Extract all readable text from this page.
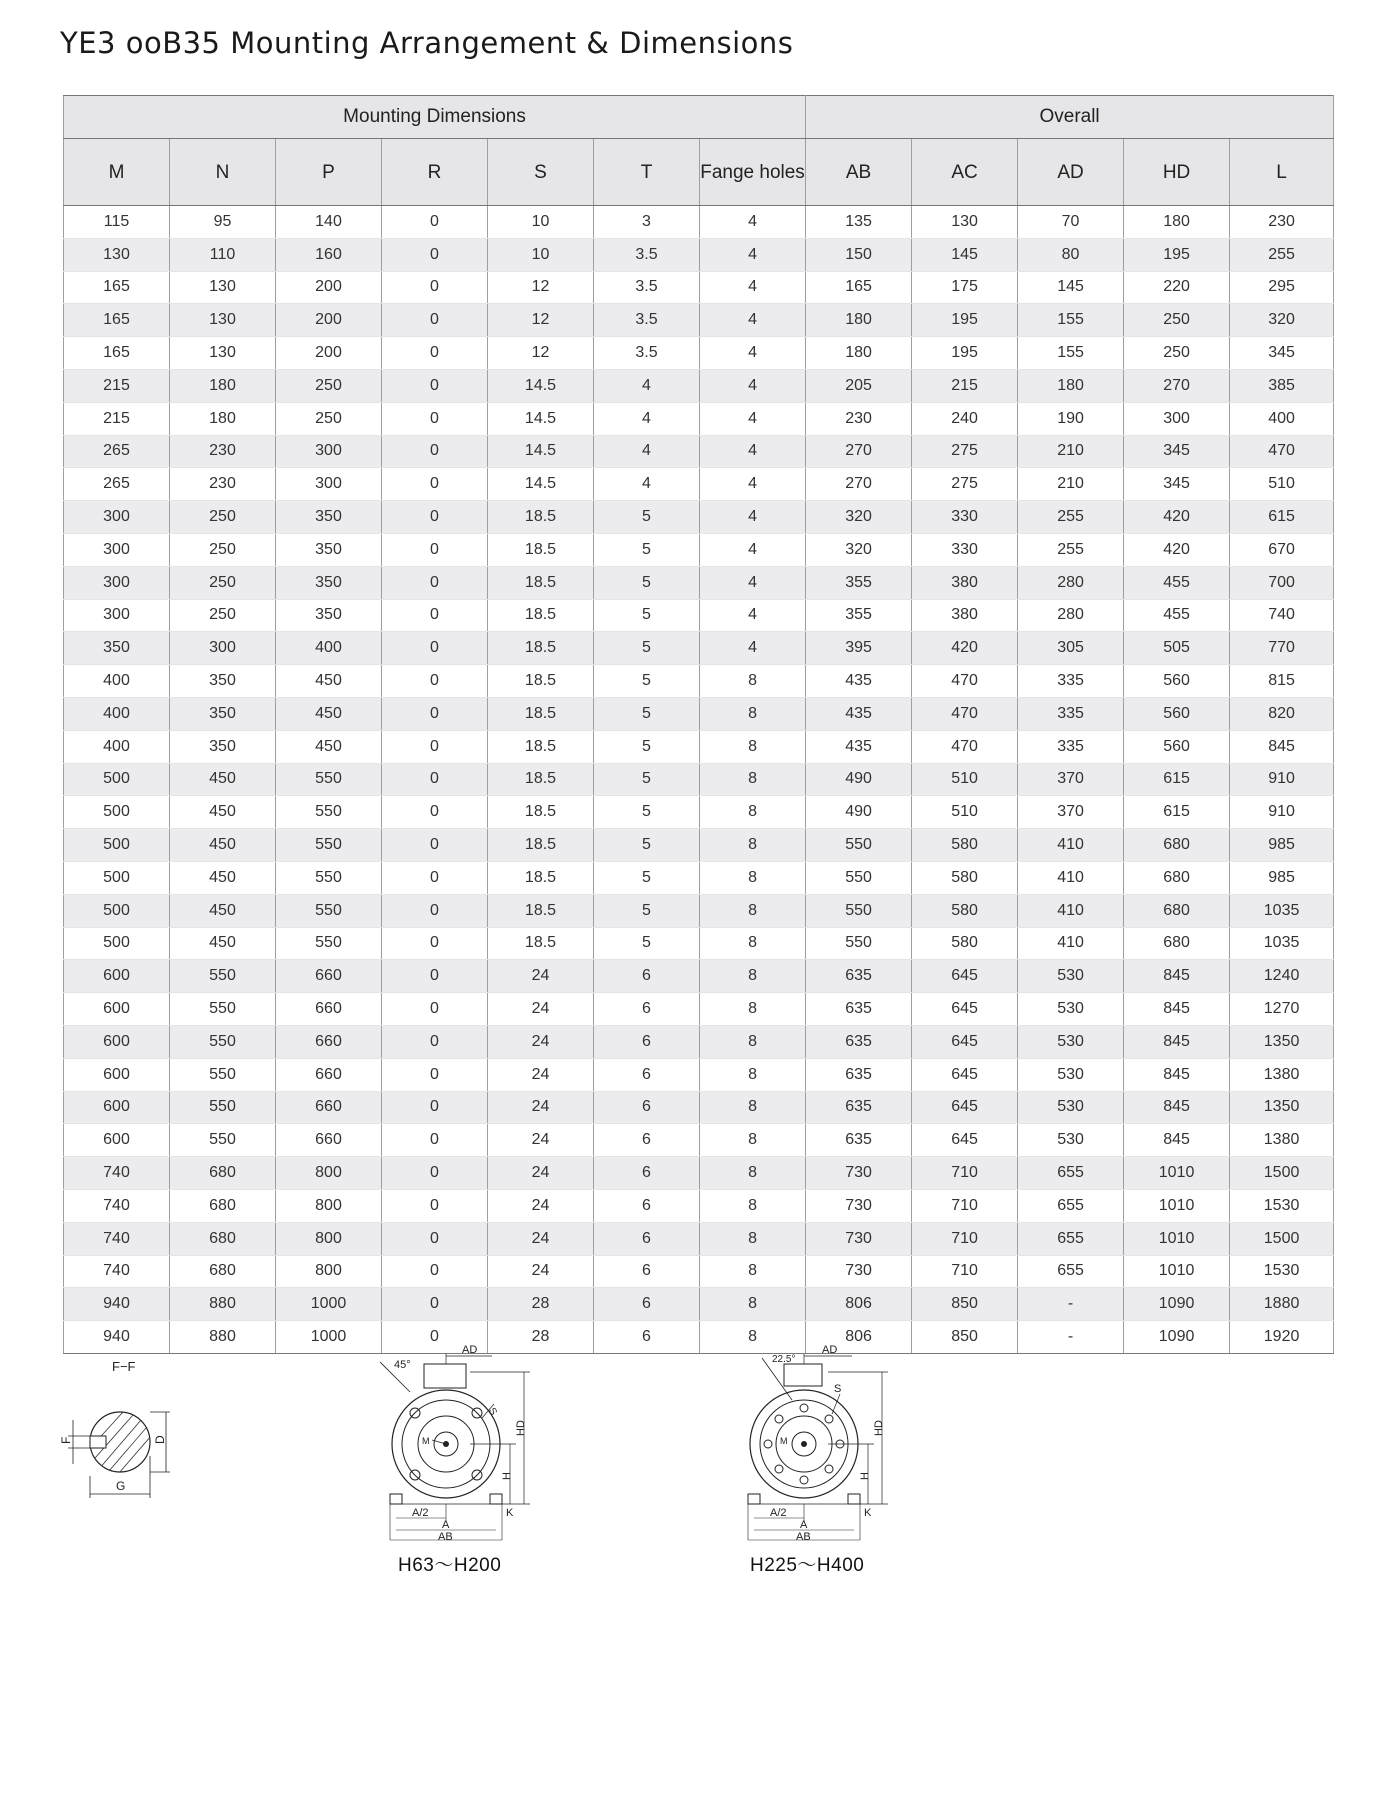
YE3 ooB35 Mounting Arrangement & Dimensions
Mounting Dimensions							Overall				
M	N	P	R	S	T	Fange holes	AB	AC	AD	HD	L
115	95	140	0	10	3	4	135	130	70	180	230
130	110	160	0	10	3.5	4	150	145	80	195	255
165	130	200	0	12	3.5	4	165	175	145	220	295
165	130	200	0	12	3.5	4	180	195	155	250	320
165	130	200	0	12	3.5	4	180	195	155	250	345
215	180	250	0	14.5	4	4	205	215	180	270	385
215	180	250	0	14.5	4	4	230	240	190	300	400
265	230	300	0	14.5	4	4	270	275	210	345	470
265	230	300	0	14.5	4	4	270	275	210	345	510
300	250	350	0	18.5	5	4	320	330	255	420	615
300	250	350	0	18.5	5	4	320	330	255	420	670
300	250	350	0	18.5	5	4	355	380	280	455	700
300	250	350	0	18.5	5	4	355	380	280	455	740
350	300	400	0	18.5	5	4	395	420	305	505	770
400	350	450	0	18.5	5	8	435	470	335	560	815
400	350	450	0	18.5	5	8	435	470	335	560	820
400	350	450	0	18.5	5	8	435	470	335	560	845
500	450	550	0	18.5	5	8	490	510	370	615	910
500	450	550	0	18.5	5	8	490	510	370	615	910
500	450	550	0	18.5	5	8	550	580	410	680	985
500	450	550	0	18.5	5	8	550	580	410	680	985
500	450	550	0	18.5	5	8	550	580	410	680	1035
500	450	550	0	18.5	5	8	550	580	410	680	1035
600	550	660	0	24	6	8	635	645	530	845	1240
600	550	660	0	24	6	8	635	645	530	845	1270
600	550	660	0	24	6	8	635	645	530	845	1350
600	550	660	0	24	6	8	635	645	530	845	1380
600	550	660	0	24	6	8	635	645	530	845	1350
600	550	660	0	24	6	8	635	645	530	845	1380
740	680	800	0	24	6	8	730	710	655	1010	1500
740	680	800	0	24	6	8	730	710	655	1010	1530
740	680	800	0	24	6	8	730	710	655	1010	1500
740	680	800	0	24	6	8	730	710	655	1010	1530
940	880	1000	0	28	6	8	806	850	-	1090	1880
940	880	1000	0	28	6	8	806	850	-	1090	1920
F−F
F	D
G
45°
AD
S
M
HD
H
A/2	K
A
AB
H63～H200
22.5°
AD
S
M
HD
H
A/2	K
A
AB
H225～H400
